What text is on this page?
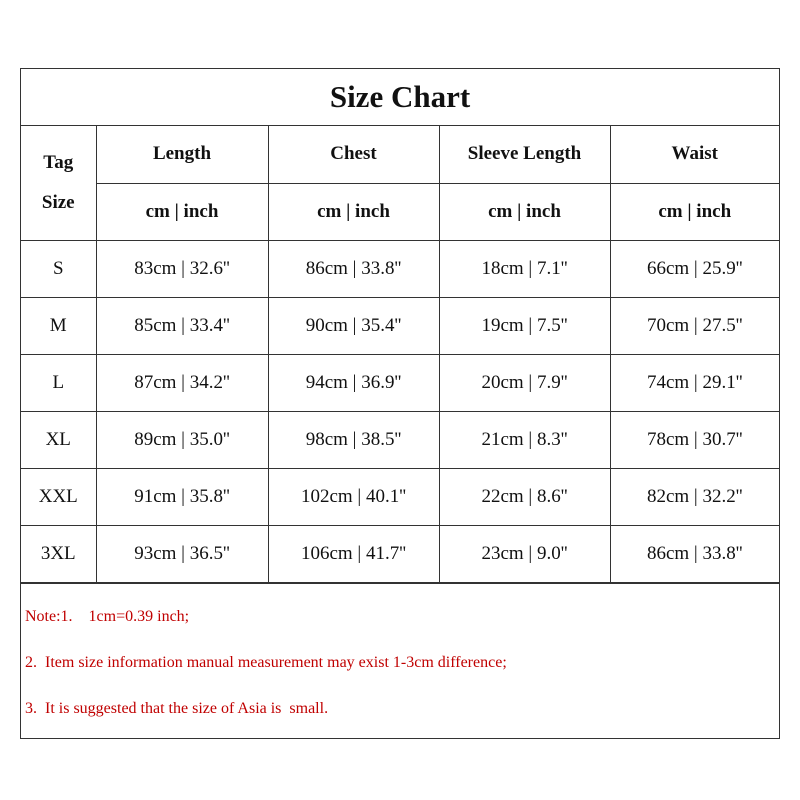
Size Chart
Tag
Size	Length	Chest	Sleeve Length	Waist
	cm | inch	cm | inch	cm | inch	cm | inch
S	83cm | 32.6''	86cm | 33.8''	18cm | 7.1''	66cm | 25.9''
M	85cm | 33.4''	90cm | 35.4''	19cm | 7.5''	70cm | 27.5''
L	87cm | 34.2''	94cm | 36.9''	20cm | 7.9''	74cm | 29.1''
XL	89cm | 35.0''	98cm | 38.5''	21cm | 8.3''	78cm | 30.7''
XXL	91cm | 35.8''	102cm | 40.1''	22cm | 8.6''	82cm | 32.2''
3XL	93cm | 36.5''	106cm | 41.7''	23cm | 9.0''	86cm | 33.8''
Note:1.    1cm=0.39 inch;
2.  Item size information manual measurement may exist 1-3cm difference;
3.  It is suggested that the size of Asia is  small.
